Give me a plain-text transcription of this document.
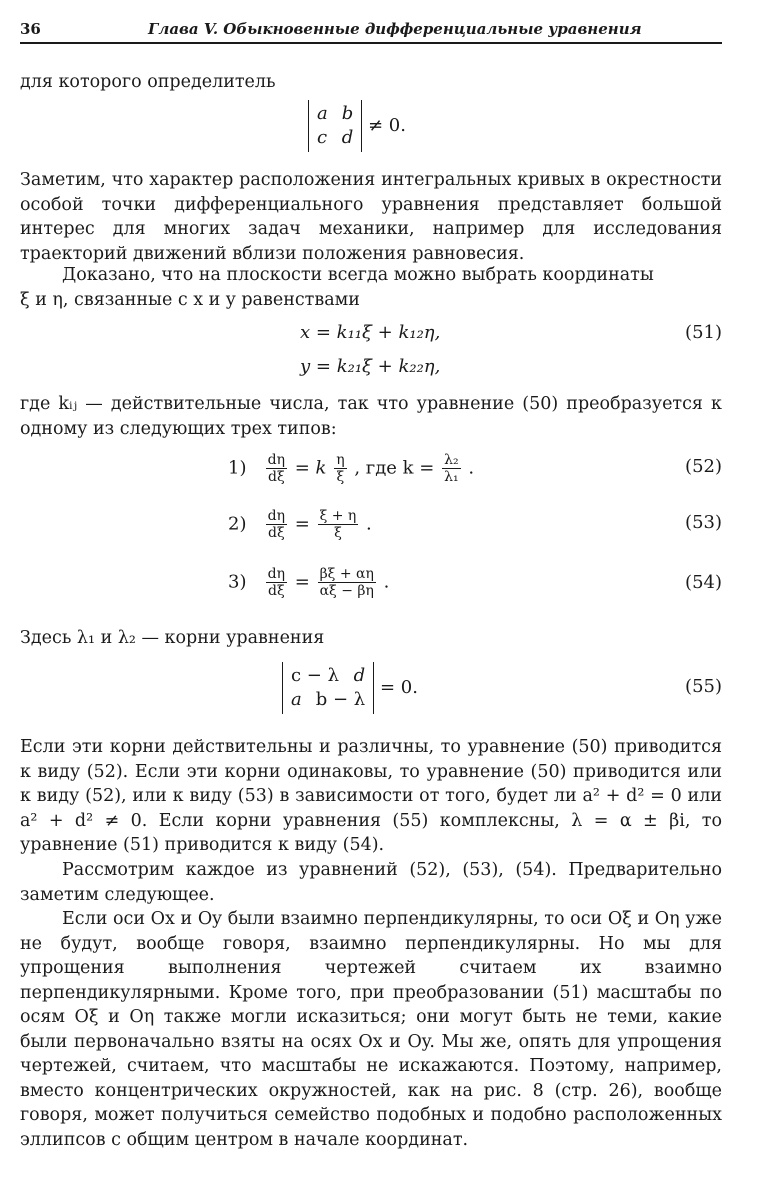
36	Глава V. Обыкновенные дифференциальные уравнения
для которого определитель
a b
c d
≠ 0.
Заметим, что характер расположения интегральных кривых в окрестности особой точки дифференциального уравнения представляет большой интерес для многих задач механики, например для исследования траекторий движений вблизи положения равновесия.
Доказано, что на плоскости всегда можно выбрать координаты
ξ и η, связанные с x и y равенствами
x = k₁₁ξ + k₁₂η,
y = k₂₁ξ + k₂₂η,
(51)
где kᵢⱼ — действительные числа, так что уравнение (50) преобразуется к одному из следующих трех типов:
$1) \frac{d\eta}{d\xi} = k \frac{\eta}{\xi}$ , где $k = \frac{\text{λ₂}}{\text{λ₁}}$ .	(52)
$2) \frac{d\eta}{d\xi} = \frac{\xi + \eta}{\xi}$ .	(53)
$3) \frac{d\eta}{d\xi} = \frac{\beta\xi + \alpha\eta}{\alpha\xi - \beta\eta}$ .	(54)
Здесь λ₁ и λ₂ — корни уравнения
c − λ d
a b − λ
= 0.	(55)
Если эти корни действительны и различны, то уравнение (50) приводится к виду (52). Если эти корни одинаковы, то уравнение (50) приводится или к виду (52), или к виду (53) в зависимости от того, будет ли a² + d² = 0 или a² + d² ≠ 0. Если корни уравнения (55) комплексны, λ = α ± βi, то уравнение (51) приводится к виду (54).
Рассмотрим каждое из уравнений (52), (53), (54). Предварительно заметим следующее.
Если оси Ox и Oy были взаимно перпендикулярны, то оси Oξ и Oη уже не будут, вообще говоря, взаимно перпендикулярны. Но мы для упрощения выполнения чертежей считаем их взаимно перпендикулярными. Кроме того, при преобразовании (51) масштабы по осям Oξ и Oη также могли исказиться; они могут быть не теми, какие были первоначально взяты на осях Ox и Oy. Мы же, опять для упрощения чертежей, считаем, что масштабы не искажаются. Поэтому, например, вместо концентрических окружностей, как на рис. 8 (стр. 26), вообще говоря, может получиться семейство подобных и подобно расположенных эллипсов с общим центром в начале координат.
